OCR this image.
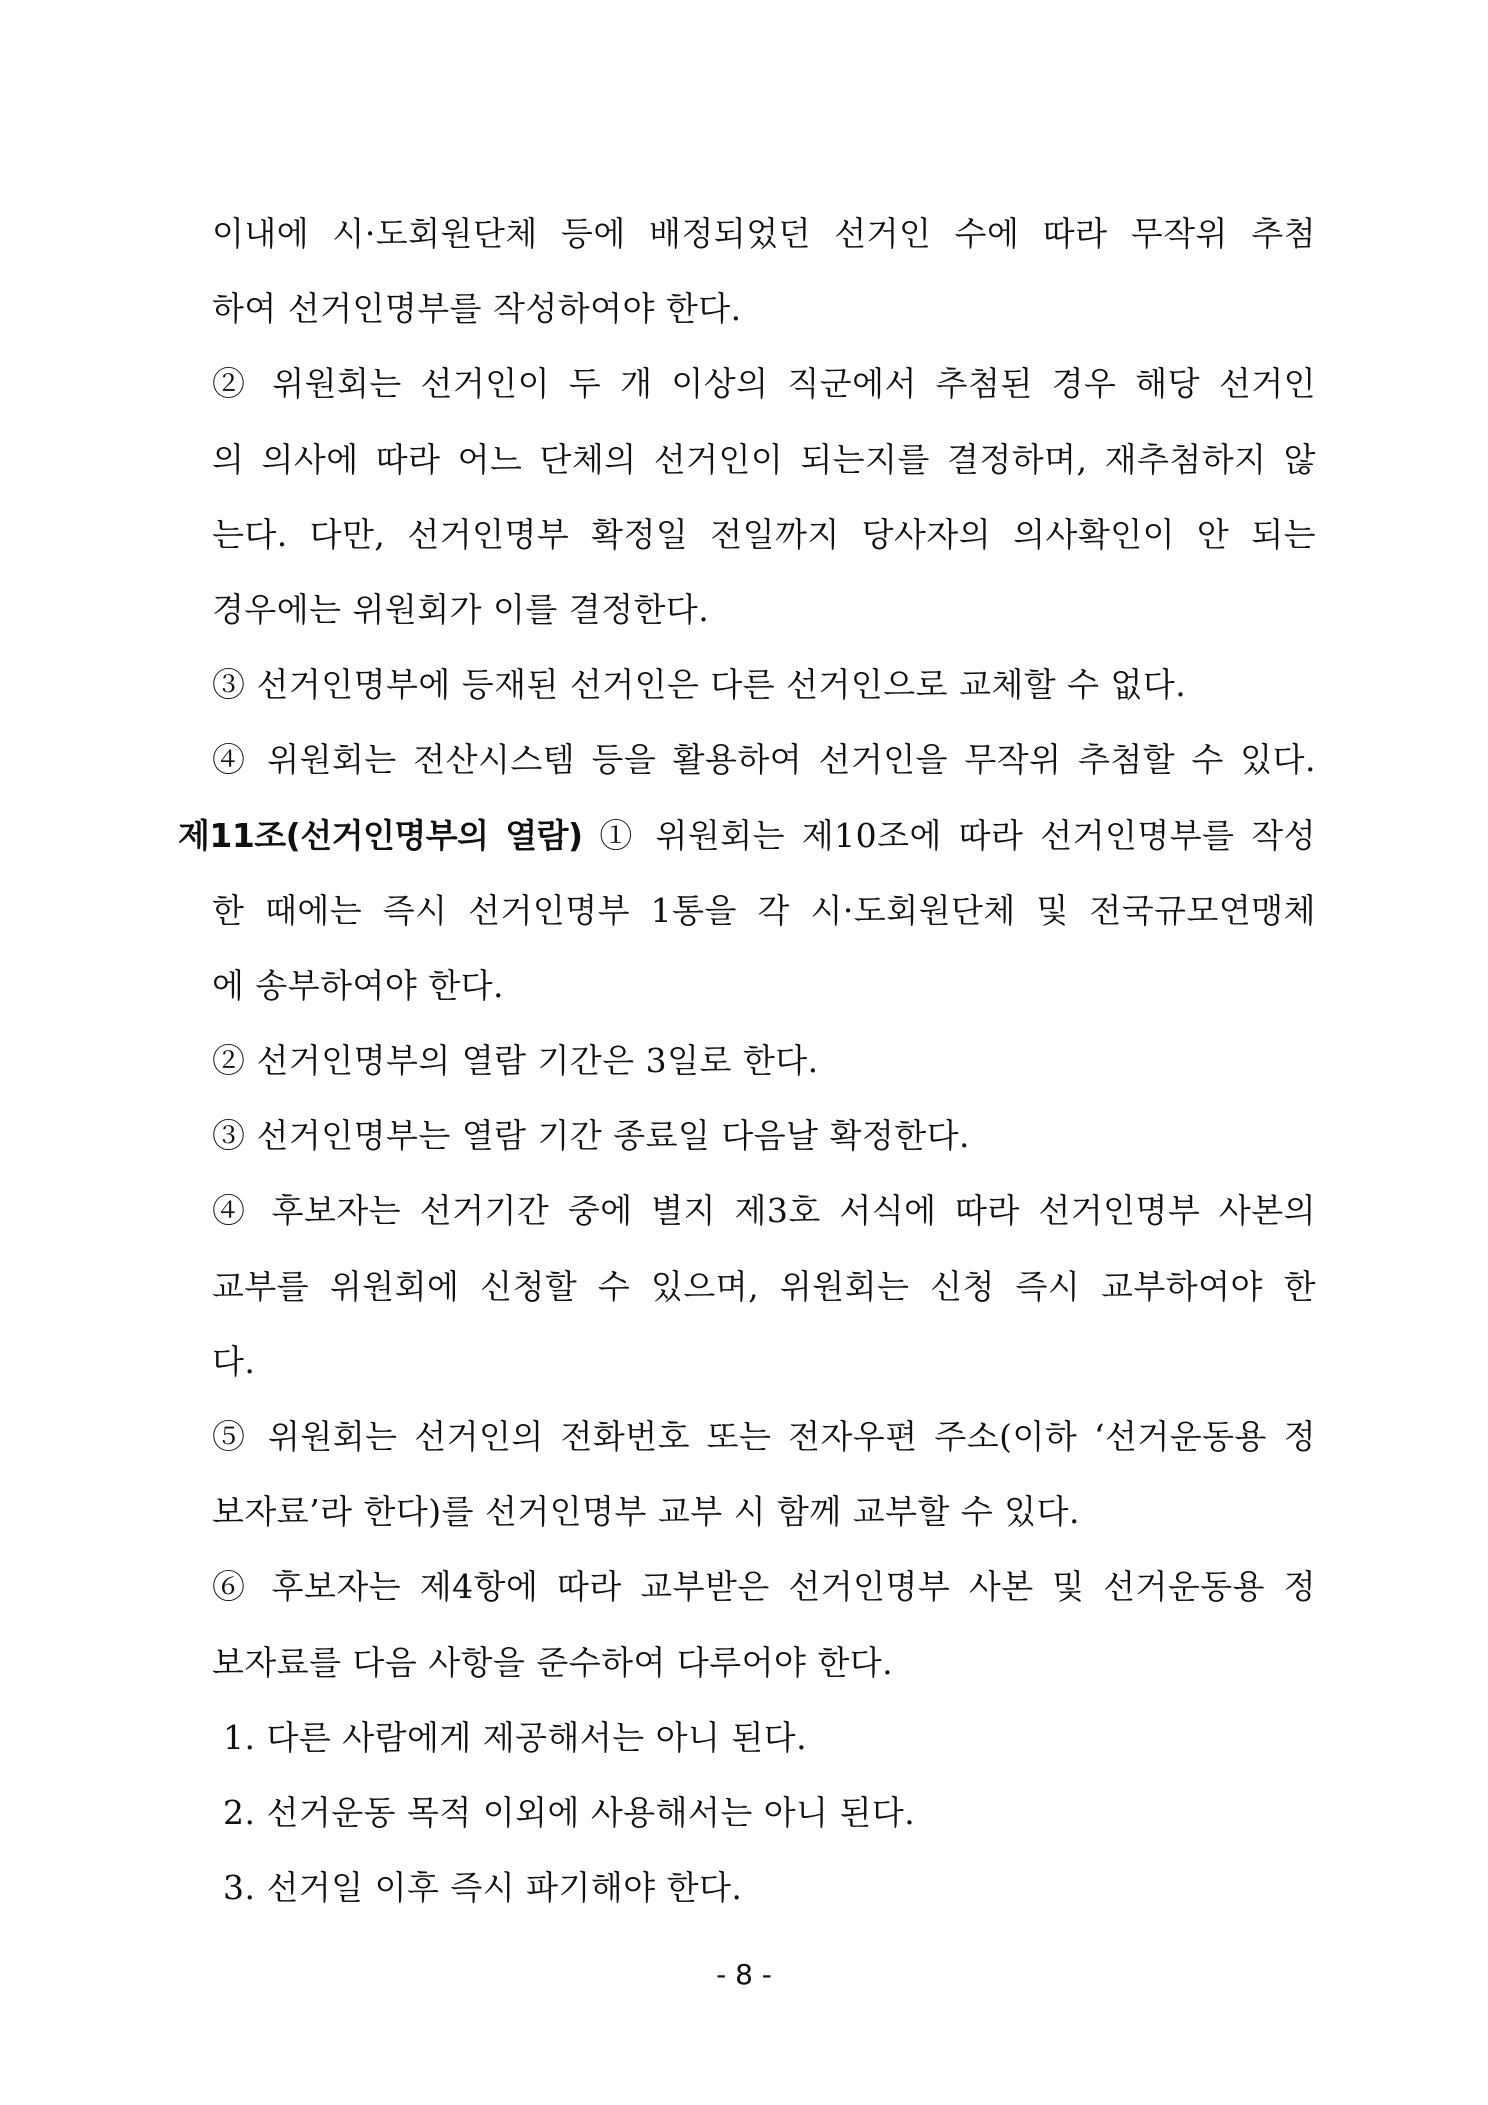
이내에 시·도회원단체 등에 배정되었던 선거인 수에 따라 무작위 추첨
하여 선거인명부를 작성하여야 한다.
② 위원회는 선거인이 두 개 이상의 직군에서 추첨된 경우 해당 선거인
의 의사에 따라 어느 단체의 선거인이 되는지를 결정하며, 재추첨하지 않
는다. 다만, 선거인명부 확정일 전일까지 당사자의 의사확인이 안 되는
경우에는 위원회가 이를 결정한다.
③ 선거인명부에 등재된 선거인은 다른 선거인으로 교체할 수 없다.
④ 위원회는 전산시스템 등을 활용하여 선거인을 무작위 추첨할 수 있다.
제11조(선거인명부의 열람) ① 위원회는 제10조에 따라 선거인명부를 작성
한 때에는 즉시 선거인명부 1통을 각 시·도회원단체 및 전국규모연맹체
에 송부하여야 한다.
② 선거인명부의 열람 기간은 3일로 한다.
③ 선거인명부는 열람 기간 종료일 다음날 확정한다.
④ 후보자는 선거기간 중에 별지 제3호 서식에 따라 선거인명부 사본의
교부를 위원회에 신청할 수 있으며, 위원회는 신청 즉시 교부하여야 한
다.
⑤ 위원회는 선거인의 전화번호 또는 전자우편 주소(이하 ‘선거운동용 정
보자료’라 한다)를 선거인명부 교부 시 함께 교부할 수 있다.
⑥ 후보자는 제4항에 따라 교부받은 선거인명부 사본 및 선거운동용 정
보자료를 다음 사항을 준수하여 다루어야 한다.
1. 다른 사람에게 제공해서는 아니 된다.
2. 선거운동 목적 이외에 사용해서는 아니 된다.
3. 선거일 이후 즉시 파기해야 한다.
- 8 -
